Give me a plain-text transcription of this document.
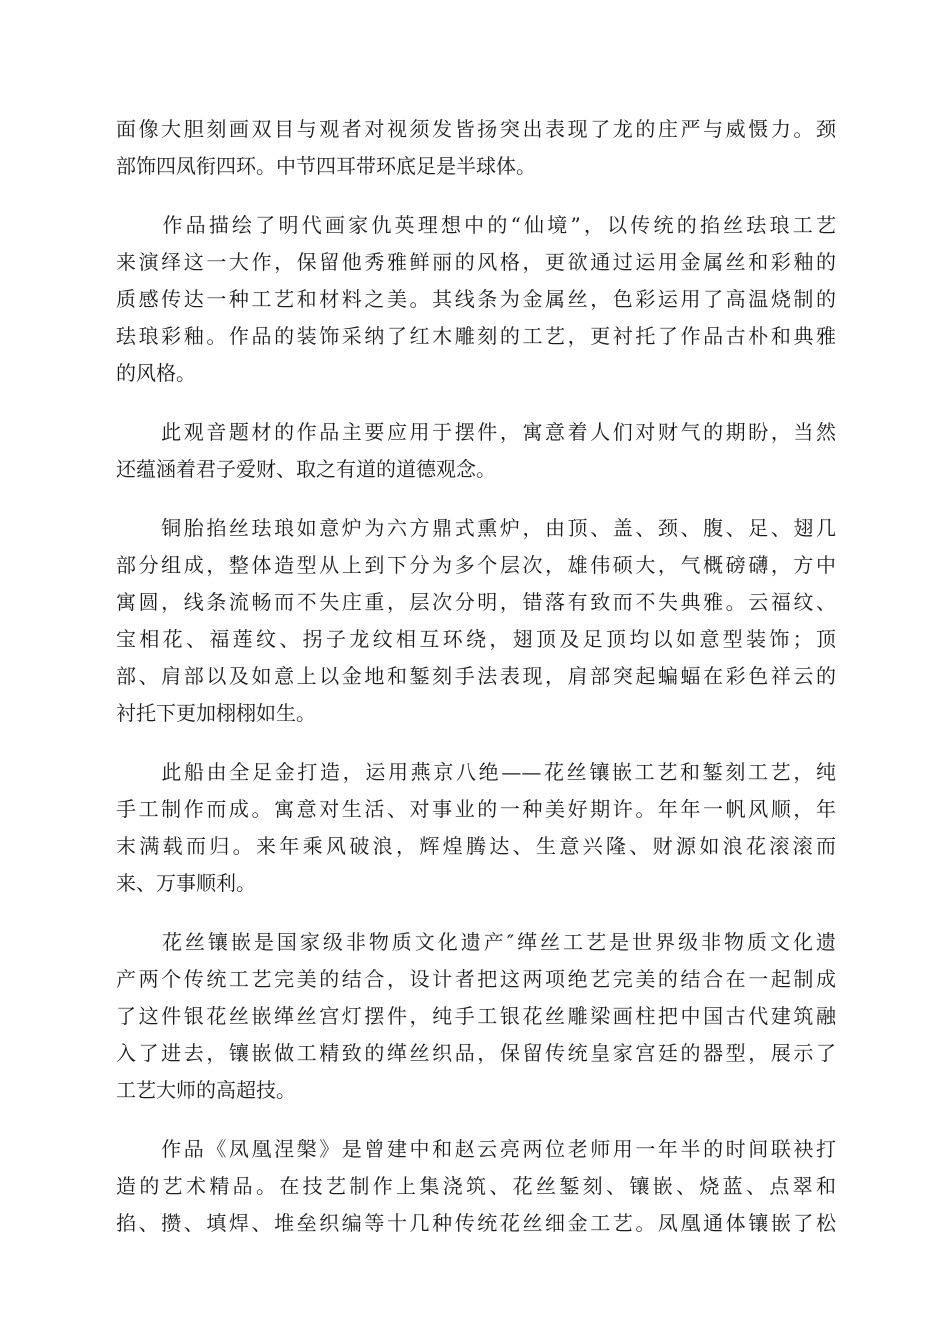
面像大胆刻画双目与观者对视须发皆扬突出表现了龙的庄严与威慑力。颈
部饰四凤衔四环。中节四耳带环底足是半球体。
　　作品描绘了明代画家仇英理想中的“仙境”，以传统的掐丝珐琅工艺
来演绎这一大作，保留他秀雅鲜丽的风格，更欲通过运用金属丝和彩釉的
质感传达一种工艺和材料之美。其线条为金属丝，色彩运用了高温烧制的
珐琅彩釉。作品的装饰采纳了红木雕刻的工艺，更衬托了作品古朴和典雅
的风格。
　　此观音题材的作品主要应用于摆件，寓意着人们对财气的期盼，当然
还蕴涵着君子爱财、取之有道的道德观念。
　　铜胎掐丝珐琅如意炉为六方鼎式熏炉，由顶、盖、颈、腹、足、翅几
部分组成，整体造型从上到下分为多个层次，雄伟硕大，气概磅礴，方中
寓圆，线条流畅而不失庄重，层次分明，错落有致而不失典雅。云福纹、
宝相花、福莲纹、拐子龙纹相互环绕，翅顶及足顶均以如意型装饰；顶
部、肩部以及如意上以金地和錾刻手法表现，肩部突起蝙蝠在彩色祥云的
衬托下更加栩栩如生。
　　此船由全足金打造，运用燕京八绝——花丝镶嵌工艺和錾刻工艺，纯
手工制作而成。寓意对生活、对事业的一种美好期许。年年一帆风顺，年
末满载而归。来年乘风破浪，辉煌腾达、生意兴隆、财源如浪花滚滚而
来、万事顺利。
　　花丝镶嵌是国家级非物质文化遗产″缂丝工艺是世界级非物质文化遗
产两个传统工艺完美的结合，设计者把这两项绝艺完美的结合在一起制成
了这件银花丝嵌缂丝宫灯摆件，纯手工银花丝雕梁画柱把中国古代建筑融
入了进去，镶嵌做工精致的缂丝织品，保留传统皇家宫廷的器型，展示了
工艺大师的高超技。
　　作品《凤凰涅槃》是曾建中和赵云亮两位老师用一年半的时间联袂打
造的艺术精品。在技艺制作上集浇筑、花丝錾刻、镶嵌、烧蓝、点翠和
掐、攒、填焊、堆垒织编等十几种传统花丝细金工艺。凤凰通体镶嵌了松
